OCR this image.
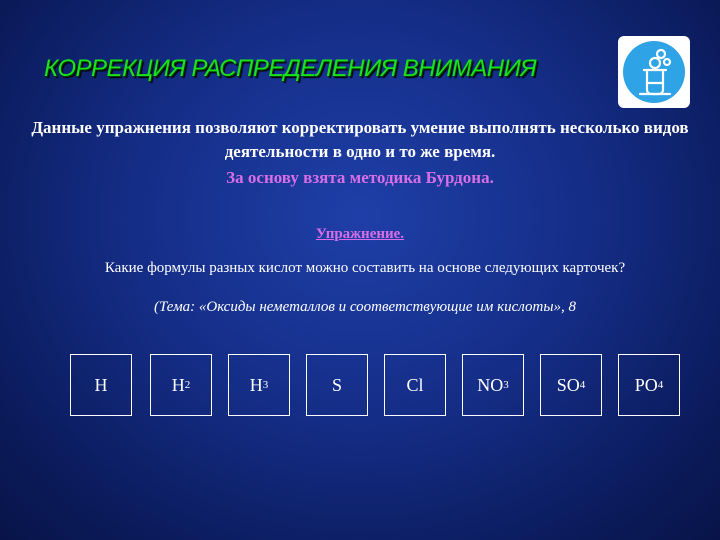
КОРРЕКЦИЯ РАСПРЕДЕЛЕНИЯ ВНИМАНИЯ
Данные упражнения позволяют корректировать умение выполнять несколько видов деятельности в одно и то же время.
За основу взята методика Бурдона.
Упражнение.
Какие формулы разных кислот можно составить на основе следующих карточек?
(Тема: «Оксиды неметаллов и соответствующие им кислоты», 8
H	H 2	H 3	S	Cl	NO 3	SO 4	PO 4
